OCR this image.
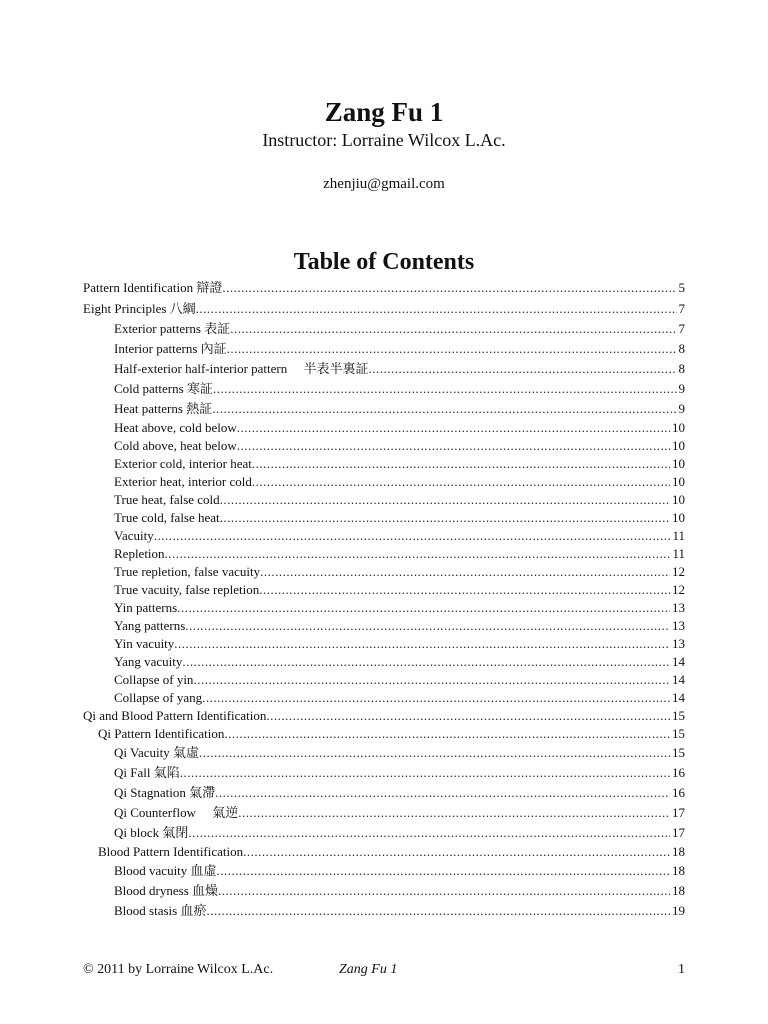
Zang Fu 1
Instructor: Lorraine Wilcox L.Ac.
zhenjiu@gmail.com
Table of Contents
Pattern Identification 辯證 .....	5
Eight Principles 八綱 .....	7
Exterior patterns 表証 .....	7
Interior patterns 內証 .....	8
Half-exterior half-interior pattern 　半表半裏証 .....	8
Cold patterns 寒証 .....	9
Heat patterns 熱証 .....	9
Heat above, cold below .....	10
Cold above, heat below .....	10
Exterior cold, interior heat .....	10
Exterior heat, interior cold .....	10
True heat, false cold .....	10
True cold, false heat .....	10
Vacuity .....	11
Repletion .....	11
True repletion, false vacuity .....	12
True vacuity, false repletion .....	12
Yin patterns .....	13
Yang patterns .....	13
Yin vacuity .....	13
Yang vacuity .....	14
Collapse of yin .....	14
Collapse of yang .....	14
Qi and Blood Pattern Identification .....	15
Qi Pattern Identification .....	15
Qi Vacuity 氣虛 .....	15
Qi Fall 氣陷 .....	16
Qi Stagnation 氣滯 .....	16
Qi Counterflow 　氣逆 .....	17
Qi block 氣閉 .....	17
Blood Pattern Identification .....	18
Blood vacuity 血虛 .....	18
Blood dryness 血燥 .....	18
Blood stasis 血瘀 .....	19
© 2011 by Lorraine Wilcox L.Ac.	Zang Fu 1	1
